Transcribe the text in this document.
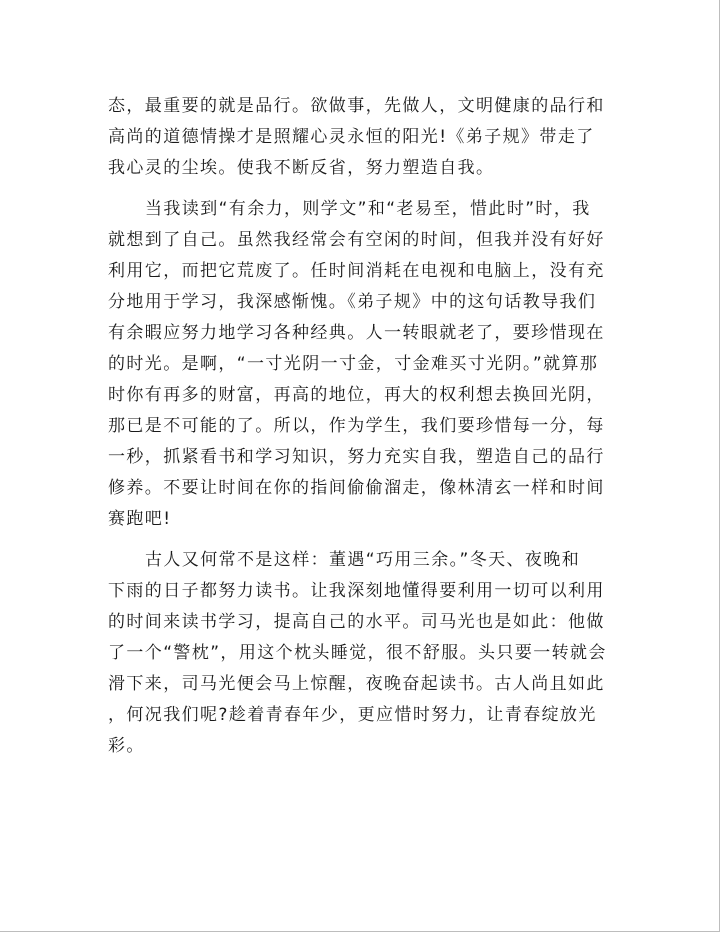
态，最重要的就是品行。欲做事，先做人，文明健康的品行和
高尚的道德情操才是照耀心灵永恒的阳光!《弟子规》带走了
我心灵的尘埃。使我不断反省，努力塑造自我。

当我读到“有余力，则学文”和“老易至，惜此时”时，我
就想到了自己。虽然我经常会有空闲的时间，但我并没有好好
利用它，而把它荒废了。任时间消耗在电视和电脑上，没有充
分地用于学习，我深感惭愧。《弟子规》中的这句话教导我们
有余暇应努力地学习各种经典。人一转眼就老了，要珍惜现在
的时光。是啊，“一寸光阴一寸金，寸金难买寸光阴。”就算那
时你有再多的财富，再高的地位，再大的权利想去换回光阴，
那已是不可能的了。所以，作为学生，我们要珍惜每一分，每
一秒，抓紧看书和学习知识，努力充实自我，塑造自己的品行
修养。不要让时间在你的指间偷偷溜走，像林清玄一样和时间
赛跑吧!

古人又何常不是这样：董遇“巧用三余。”冬天、夜晚和
下雨的日子都努力读书。让我深刻地懂得要利用一切可以利用
的时间来读书学习，提高自己的水平。司马光也是如此：他做
了一个“警枕”，用这个枕头睡觉，很不舒服。头只要一转就会
滑下来，司马光便会马上惊醒，夜晚奋起读书。古人尚且如此
，何况我们呢?趁着青春年少，更应惜时努力，让青春绽放光
彩。
